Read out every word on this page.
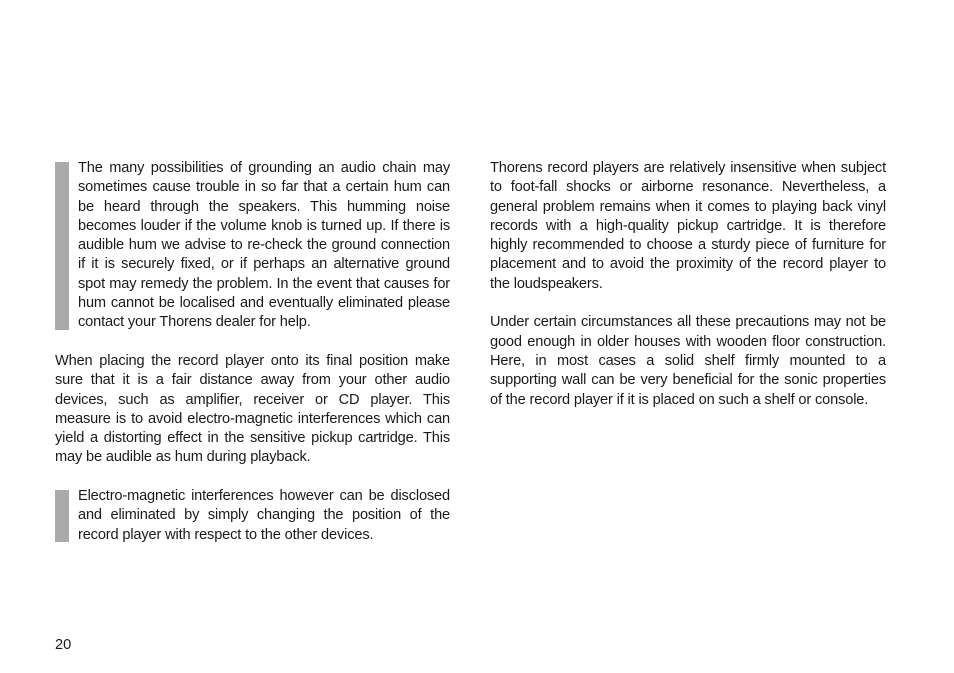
The many possibilities of grounding an audio chain may sometimes cause trouble in so far that a certain hum can be heard through the speakers. This humming noise becomes louder if the volume knob is turned up. If there is audible hum we advise to re-check the ground connection if it is securely fixed, or if perhaps an alternative ground spot may remedy the problem. In the event that causes for hum cannot be localised and eventually eliminated please contact your Thorens dealer for help.

When placing the record player onto its final position make sure that it is a fair distance away from your other audio devices, such as amplifier, receiver or CD player. This measure is to avoid electro-magnetic interferences which can yield a distorting effect in the sensitive pickup cartridge. This may be audible as hum during playback.

Electro-magnetic interferences however can be disclosed and eliminated by simply changing the position of the record player with respect to the other devices.

Thorens record players are relatively insensitive when subject to foot-fall shocks or airborne resonance. Nevertheless, a general problem remains when it comes to playing back vinyl records with a high-quality pickup cartridge. It is therefore highly recommended to choose a sturdy piece of furniture for placement and to avoid the proximity of the record player to the loudspeakers.

Under certain circumstances all these precautions may not be good enough in older houses with wooden floor construction. Here, in most cases a solid shelf firmly mounted to a supporting wall can be very beneficial for the sonic properties of the record player if it is placed on such a shelf or console.

20
